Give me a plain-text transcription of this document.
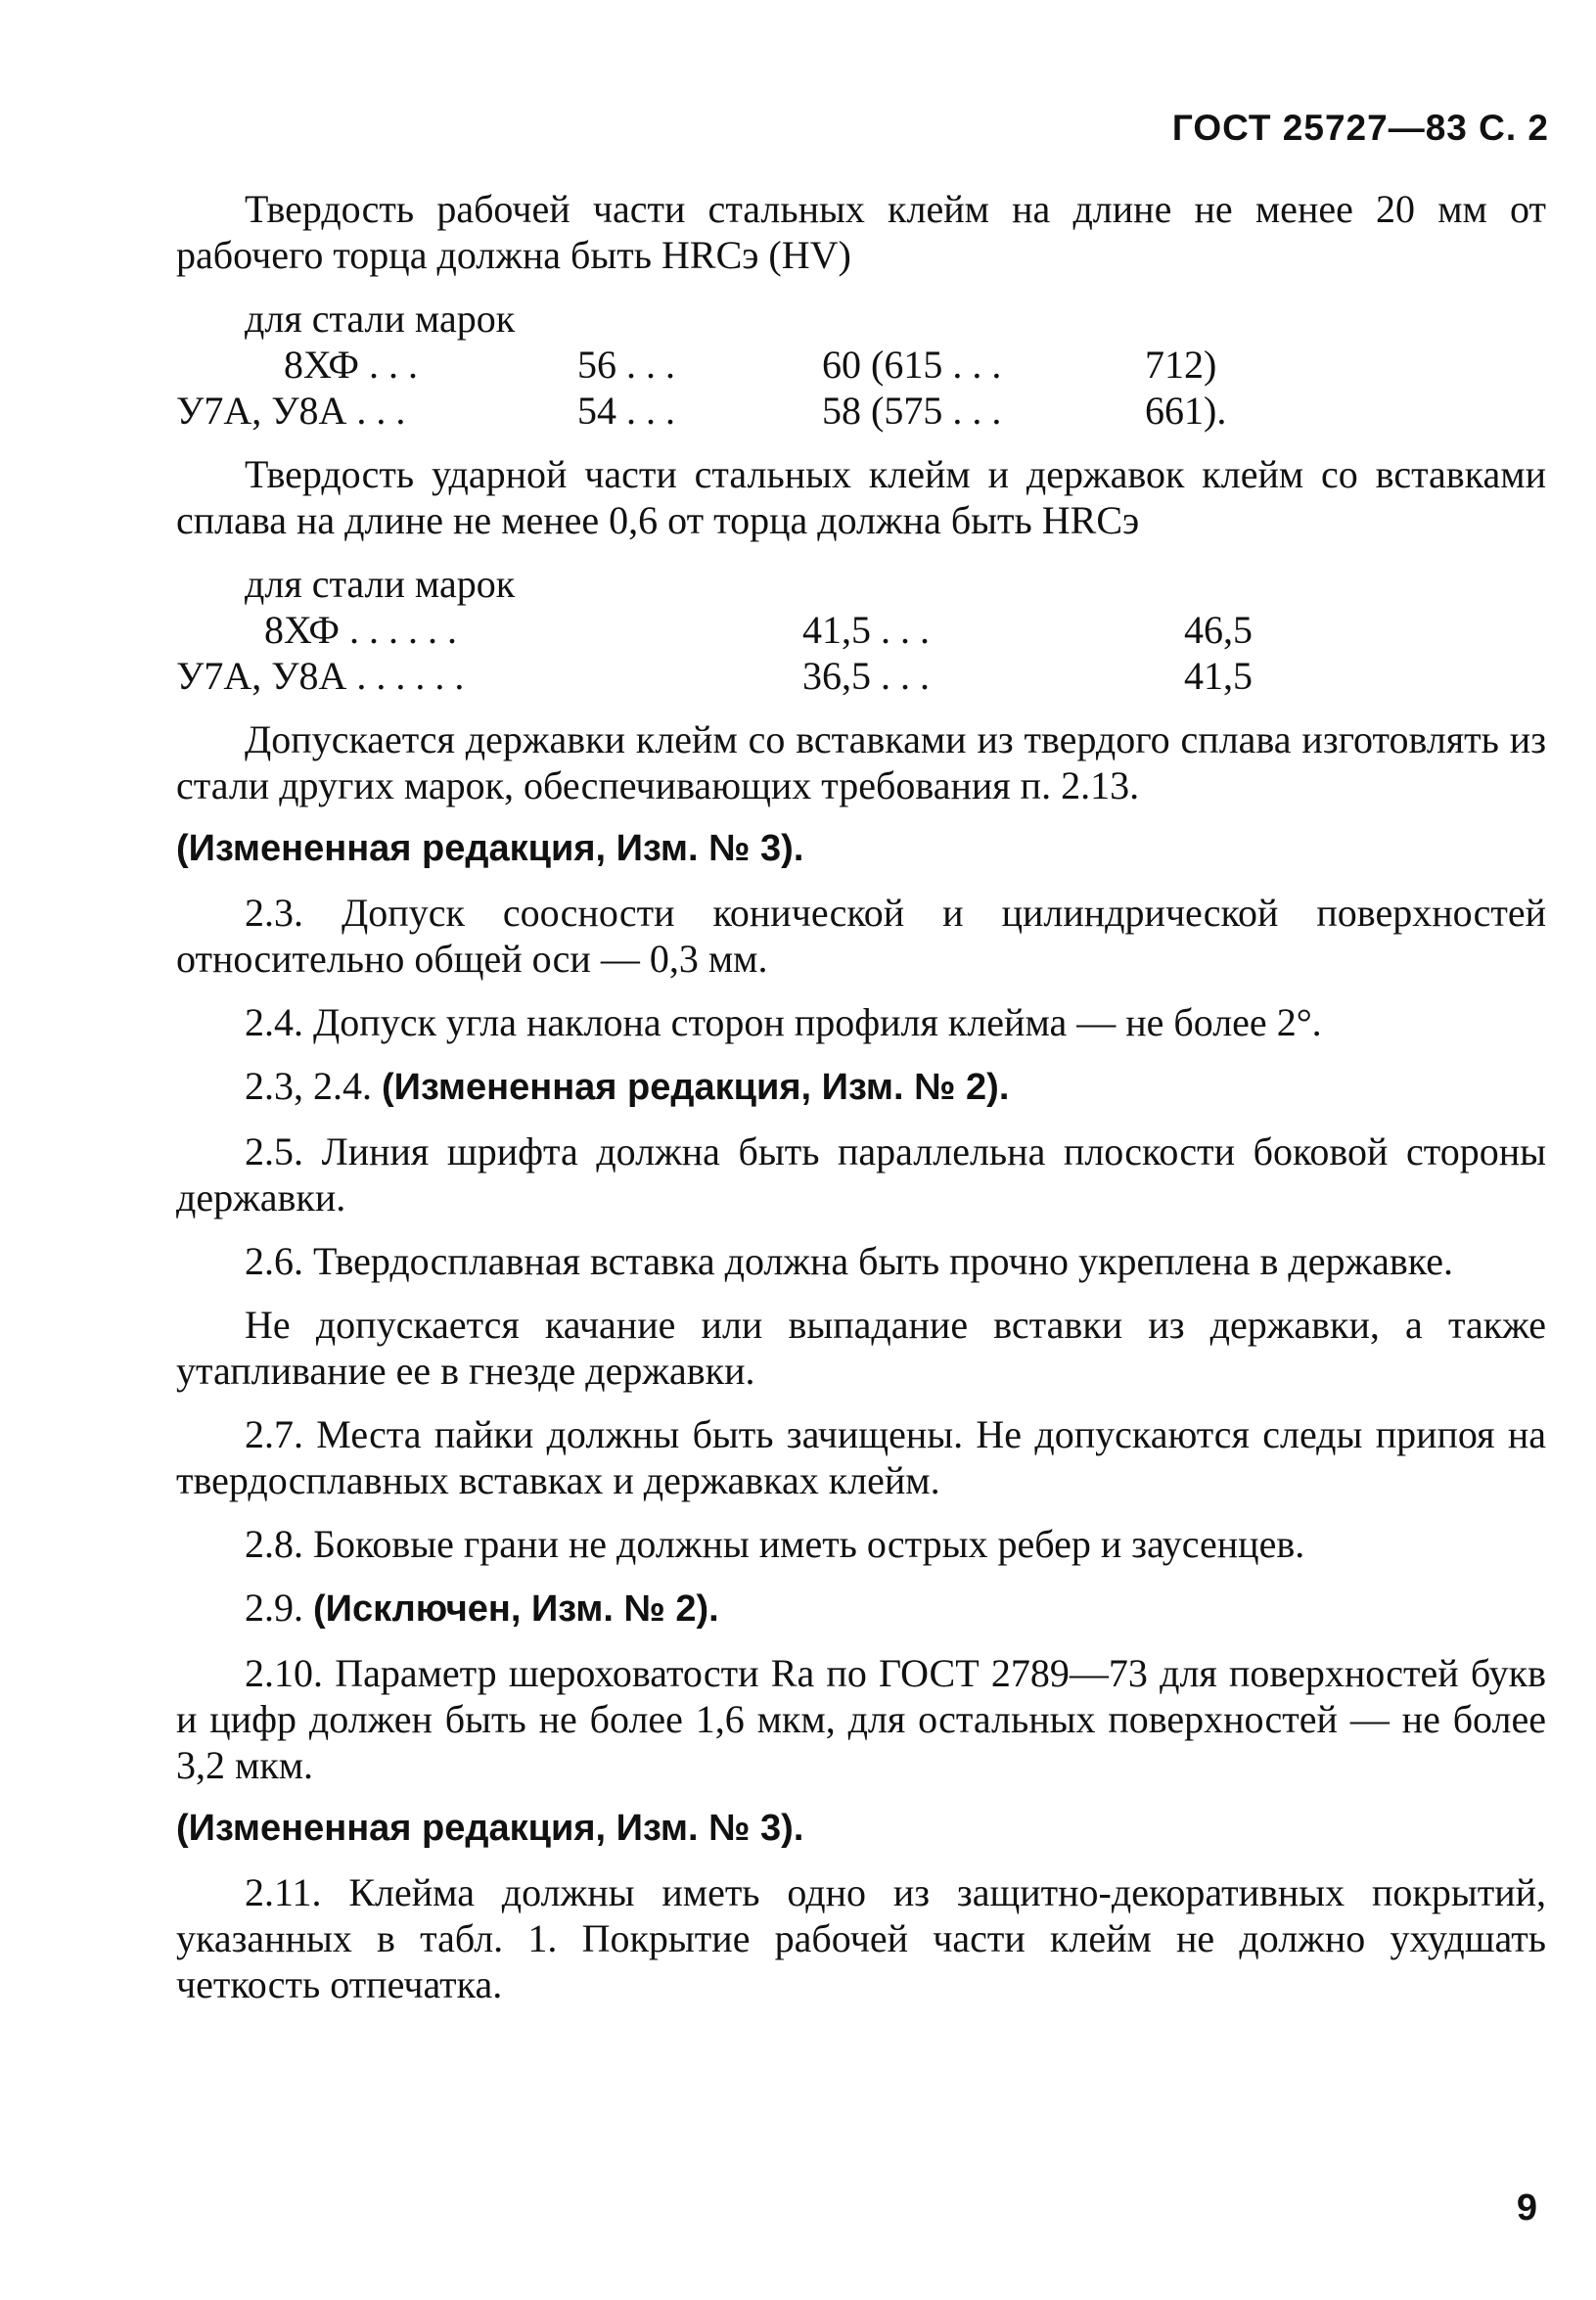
ГОСТ 25727—83 С. 2

Твердость рабочей части стальных клейм на длине не менее 20 мм от рабочего торца должна быть HRCэ (HV)

для стали марок
8ХФ . . .	56 . . .	60 (615 . . .	712)
У7А, У8А . . .	54 . . .	58 (575 . . .	661).

Твердость ударной части стальных клейм и державок клейм со вставками сплава на длине не менее 0,6 от торца должна быть HRCэ

для стали марок
8ХФ . . . . . .	41,5 . . .	46,5
У7А, У8А . . . . . .	36,5 . . .	41,5

Допускается державки клейм со вставками из твердого сплава изготовлять из стали других марок, обеспечивающих требования п. 2.13.

(Измененная редакция, Изм. № 3).

2.3. Допуск соосности конической и цилиндрической поверхностей относительно общей оси — 0,3 мм.

2.4. Допуск угла наклона сторон профиля клейма — не более 2°.

2.3, 2.4. (Измененная редакция, Изм. № 2).

2.5. Линия шрифта должна быть параллельна плоскости боковой стороны державки.

2.6. Твердосплавная вставка должна быть прочно укреплена в державке.

Не допускается качание или выпадание вставки из державки, а также утапливание ее в гнезде державки.

2.7. Места пайки должны быть зачищены. Не допускаются следы припоя на твердосплавных вставках и державках клейм.

2.8. Боковые грани не должны иметь острых ребер и заусенцев.

2.9. (Исключен, Изм. № 2).

2.10. Параметр шероховатости Ra по ГОСТ 2789—73 для поверхностей букв и цифр должен быть не более 1,6 мкм, для остальных поверхностей — не более 3,2 мкм.

(Измененная редакция, Изм. № 3).

2.11. Клейма должны иметь одно из защитно-декоративных покрытий, указанных в табл. 1. Покрытие рабочей части клейм не должно ухудшать четкость отпечатка.

9
